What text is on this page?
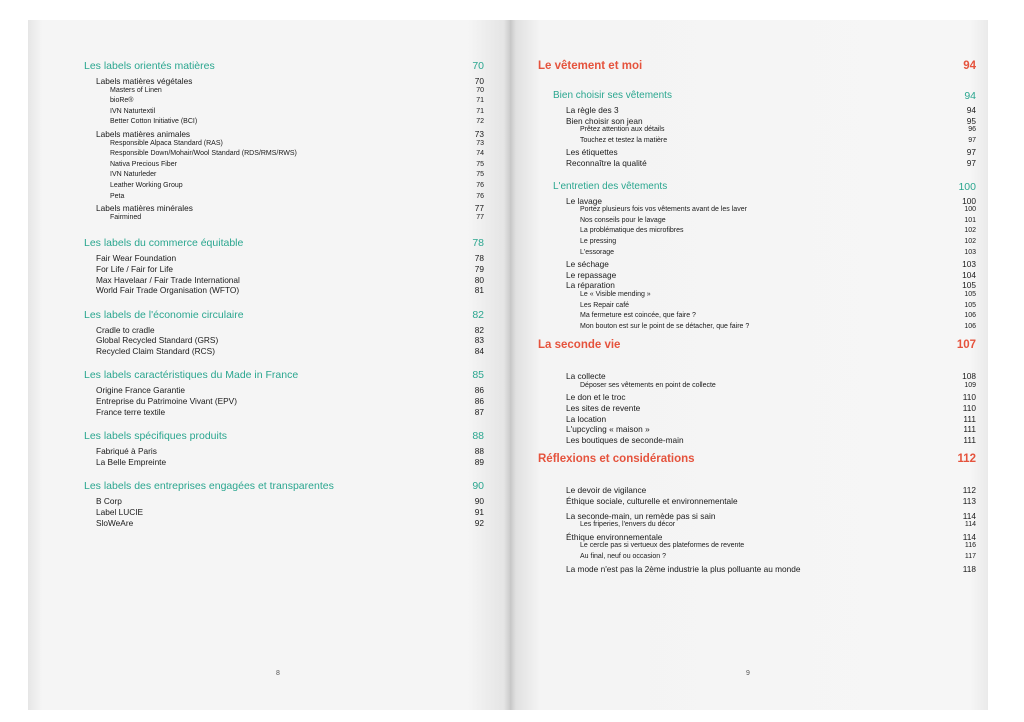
Les labels orientés matières	70
Labels matières végétales	70
Masters of Linen	70
bioRe®	71
IVN Naturtextil	71
Better Cotton Initiative (BCI)	72
Labels matières animales	73
Responsible Alpaca Standard (RAS)	73
Responsible Down/Mohair/Wool Standard (RDS/RMS/RWS)	74
Nativa Precious Fiber	75
IVN Naturleder	75
Leather Working Group	76
Peta	76
Labels matières minérales	77
Fairmined	77
Les labels du commerce équitable	78
Fair Wear Foundation	78
For Life / Fair for Life	79
Max Havelaar / Fair Trade International	80
World Fair Trade Organisation (WFTO)	81
Les labels de l'économie circulaire	82
Cradle to cradle	82
Global Recycled Standard (GRS)	83
Recycled Claim Standard (RCS)	84
Les labels caractéristiques du Made in France	85
Origine France Garantie	86
Entreprise du Patrimoine Vivant (EPV)	86
France terre textile	87
Les labels spécifiques produits	88
Fabriqué à Paris	88
La Belle Empreinte	89
Les labels des entreprises engagées et transparentes	90
B Corp	90
Label LUCIE	91
SloWeAre	92
8
Le vêtement et moi	94
Bien choisir ses vêtements	94
La règle des 3	94
Bien choisir son jean	95
Prêtez attention aux détails	96
Touchez et testez la matière	97
Les étiquettes	97
Reconnaître la qualité	97
L'entretien des vêtements	100
Le lavage	100
Portez plusieurs fois vos vêtements avant de les laver	100
Nos conseils pour le lavage	101
La problématique des microfibres	102
Le pressing	102
L'essorage	103
Le séchage	103
Le repassage	104
La réparation	105
Le « Visible mending »	105
Les Repair café	105
Ma fermeture est coincée, que faire ?	106
Mon bouton est sur le point de se détacher, que faire ?	106
La seconde vie	107
La collecte	108
Déposer ses vêtements en point de collecte	109
Le don et le troc	110
Les sites de revente	110
La location	111
L'upcycling « maison »	111
Les boutiques de seconde-main	111
Réflexions et considérations	112
Le devoir de vigilance	112
Éthique sociale, culturelle et environnementale	113
La seconde-main, un remède pas si sain	114
Les friperies, l'envers du décor	114
Éthique environnementale	114
Le cercle pas si vertueux des plateformes de revente	116
Au final, neuf ou occasion ?	117
La mode n'est pas la 2ème industrie la plus polluante au monde	118
9
